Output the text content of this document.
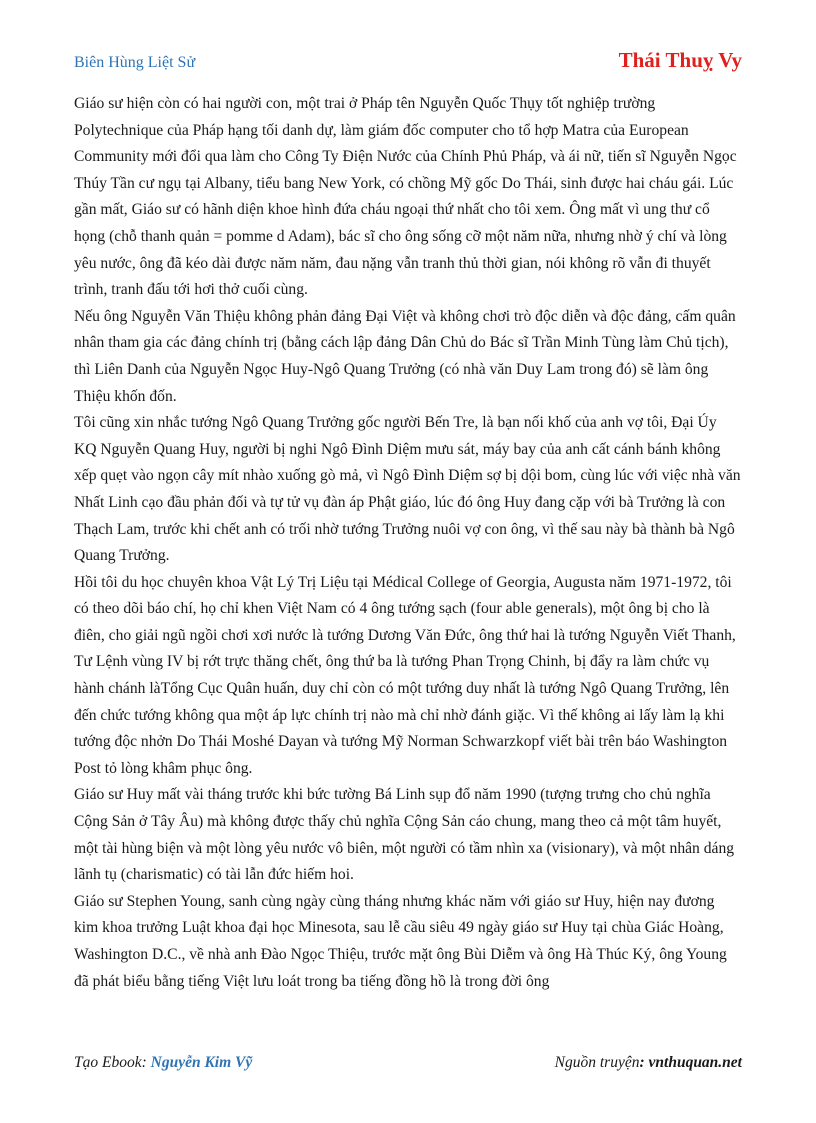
Biên Hùng Liệt Sử	Thái Thuỵ Vy

Giáo sư hiện còn có hai người con, một trai ở Pháp tên Nguyễn Quốc Thụy tốt nghiệp trường Polytechnique của Pháp hạng tối danh dự, làm giám đốc computer cho tổ hợp Matra của European Community mới đổi qua làm cho Công Ty Điện Nước của Chính Phủ Pháp, và ái nữ, tiến sĩ Nguyễn Ngọc Thúy Tần cư ngụ tại Albany, tiểu bang New York, có chồng Mỹ gốc Do Thái, sinh được hai cháu gái. Lúc gần mất, Giáo sư có hãnh diện khoe hình đứa cháu ngoại thứ nhất cho tôi xem. Ông mất vì ung thư cổ họng (chỗ thanh quản = pomme d Adam), bác sĩ cho ông sống cỡ một năm nữa, nhưng nhờ ý chí và lòng yêu nước, ông đã kéo dài được năm năm, đau nặng vẫn tranh thủ thời gian, nói không rõ vẫn đi thuyết trình, tranh đấu tới hơi thở cuối cùng.

Nếu ông Nguyễn Văn Thiệu không phản đảng Đại Việt và không chơi trò độc diễn và độc đảng, cấm quân nhân tham gia các đảng chính trị (bằng cách lập đảng Dân Chủ do Bác sĩ Trần Minh Tùng làm Chủ tịch), thì Liên Danh của Nguyễn Ngọc Huy-Ngô Quang Trưởng (có nhà văn Duy Lam trong đó) sẽ làm ông Thiệu khốn đốn.

Tôi cũng xin nhắc tướng Ngô Quang Trưởng gốc người Bến Tre, là bạn nối khố của anh vợ tôi, Đại Úy KQ Nguyễn Quang Huy, người bị nghi Ngô Đình Diệm mưu sát, máy bay của anh cất cánh bánh không xếp quẹt vào ngọn cây mít nhào xuống gò mả, vì Ngô Đình Diệm sợ bị dội bom, cùng lúc với việc nhà văn Nhất Linh cạo đầu phản đối và tự tử vụ đàn áp Phật giáo, lúc đó ông Huy đang cặp với bà Trưởng là con Thạch Lam, trước khi chết anh có trối nhờ tướng Trưởng nuôi vợ con ông, vì thế sau này bà thành bà Ngô Quang Trưởng.

Hồi tôi du học chuyên khoa Vật Lý Trị Liệu tại Médical College of Georgia, Augusta năm 1971-1972, tôi có theo dõi báo chí, họ chỉ khen Việt Nam có 4 ông tướng sạch (four able generals), một ông bị cho là điên, cho giải ngũ ngồi chơi xơi nước là tướng Dương Văn Đức, ông thứ hai là tướng Nguyễn Viết Thanh, Tư Lệnh vùng IV bị rớt trực thăng chết, ông thứ ba là tướng Phan Trọng Chinh, bị đẩy ra làm chức vụ hành chánh làTổng Cục Quân huấn, duy chỉ còn có một tướng duy nhất là tướng Ngô Quang Trưởng, lên đến chức tướng không qua một áp lực chính trị nào mà chỉ nhờ đánh giặc. Vì thế không ai lấy làm lạ khi tướng độc nhởn Do Thái Moshé Dayan và tướng Mỹ Norman Schwarzkopf viết bài trên báo Washington Post tỏ lòng khâm phục ông.

Giáo sư Huy mất vài tháng trước khi bức tường Bá Linh sụp đổ năm 1990 (tượng trưng cho chủ nghĩa Cộng Sản ở Tây Âu) mà không được thấy chủ nghĩa Cộng Sản cáo chung, mang theo cả một tâm huyết, một tài hùng biện và một lòng yêu nước vô biên, một người có tầm nhìn xa (visionary), và một nhân dáng lãnh tụ (charismatic) có tài lẫn đức hiếm hoi.

Giáo sư Stephen Young, sanh cùng ngày cùng tháng nhưng khác năm với giáo sư Huy, hiện nay đương kim khoa trưởng Luật khoa đại học Minesota, sau lễ cầu siêu 49 ngày giáo sư Huy tại chùa Giác Hoàng, Washington D.C., về nhà anh Đào Ngọc Thiệu, trước mặt ông Bùi Diễm và ông Hà Thúc Ký, ông Young đã phát biểu bằng tiếng Việt lưu loát trong ba tiếng đồng hồ là trong đời ông

Tạo Ebook: Nguyễn Kim Vỹ	Nguồn truyện: vnthuquan.net
